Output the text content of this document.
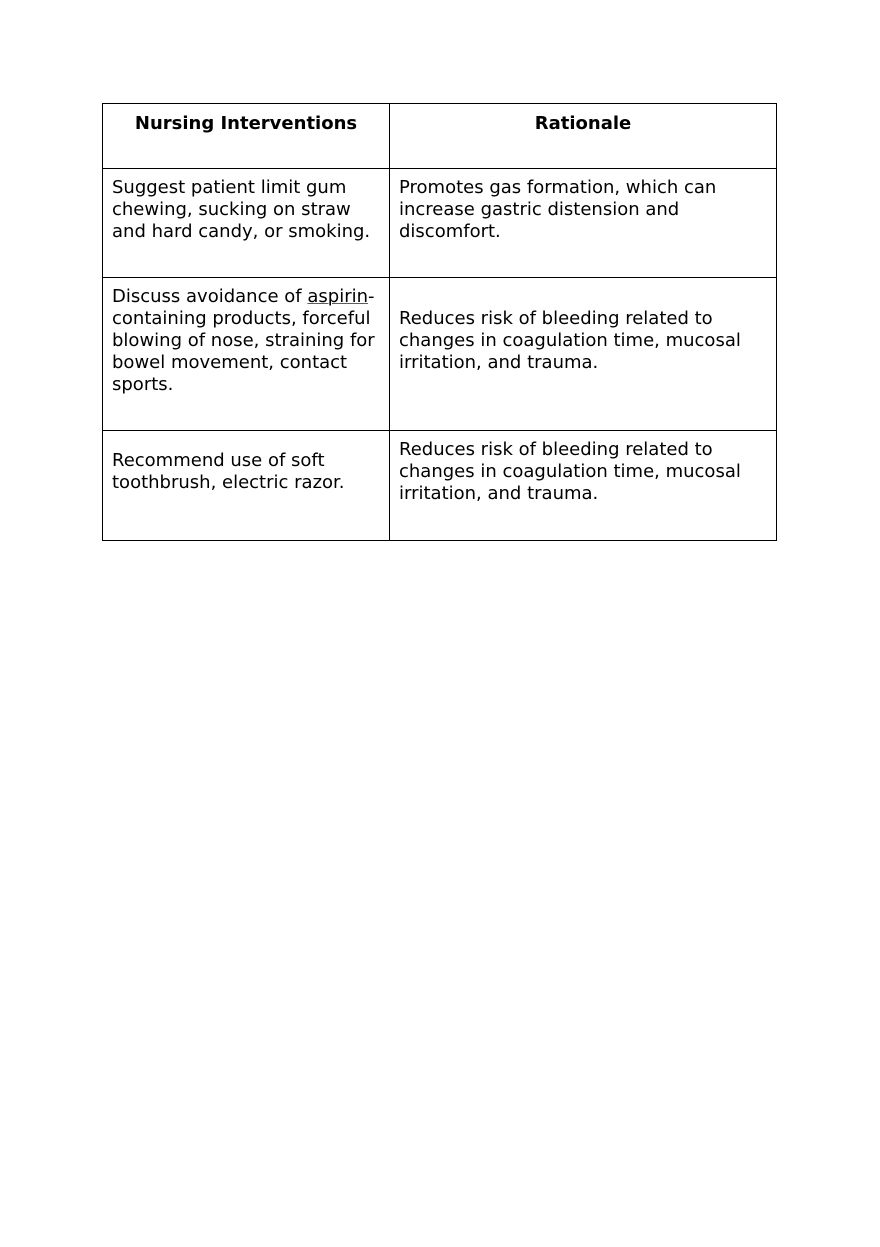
Nursing Interventions	Rationale
Suggest patient limit gum chewing, sucking on straw and hard candy, or smoking.	Promotes gas formation, which can increase gastric distension and discomfort.
Discuss avoidance of aspirin-containing products, forceful blowing of nose, straining for bowel movement, contact sports.	Reduces risk of bleeding related to changes in coagulation time, mucosal irritation, and trauma.
Recommend use of soft toothbrush, electric razor.	Reduces risk of bleeding related to changes in coagulation time, mucosal irritation, and trauma.
